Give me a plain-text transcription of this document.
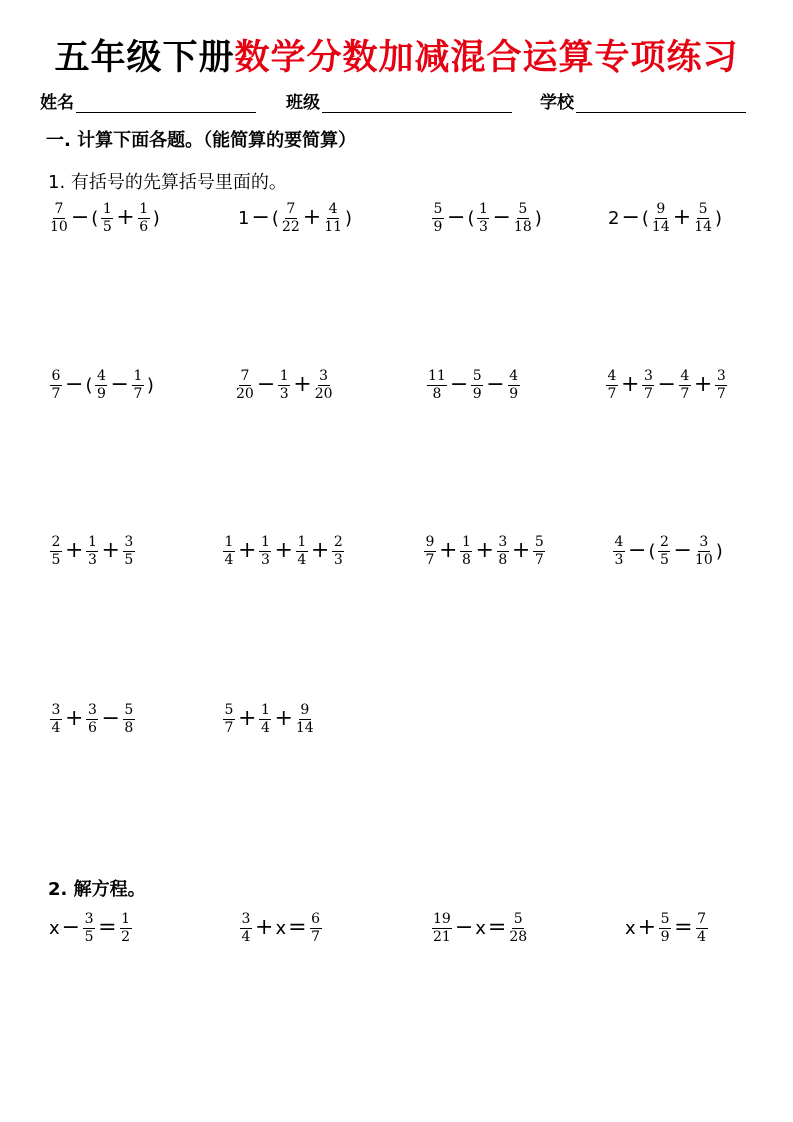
五年级下册数学分数加减混合运算专项练习
姓名	班级	学校
一. 计算下面各题。（能简算的要简算）
1. 有括号的先算括号里面的。
$\frac{7}{10}$ − ( $\frac{1}{5} + \frac{1}{6}$ )	1 − ( $\frac{7}{22} + \frac{4}{11}$ )	$\frac{5}{9}$ − ( $\frac{1}{3} - \frac{5}{18}$ )	2 − ( $\frac{9}{14} + \frac{5}{14}$ )
$\frac{6}{7}$ − ( $\frac{4}{9} - \frac{1}{7}$ )	$\frac{7}{20} - \frac{1}{3} + \frac{3}{20}$	$\frac{11}{8} - \frac{5}{9} - \frac{4}{9}$	$\frac{4}{7} + \frac{3}{7} - \frac{4}{7} + \frac{3}{7}$
$\frac{2}{5} + \frac{1}{3} + \frac{3}{5}$	$\frac{1}{4} + \frac{1}{3} + \frac{1}{4} + \frac{2}{3}$	$\frac{9}{7} + \frac{1}{8} + \frac{3}{8} + \frac{5}{7}$	$\frac{4}{3}$ − ( $\frac{2}{5} - \frac{3}{10}$ )
$\frac{3}{4} + \frac{3}{6} - \frac{5}{8}$	$\frac{5}{7} + \frac{1}{4} + \frac{9}{14}$
2. 解方程。
$x - \frac{3}{5} = \frac{1}{2}$	$\frac{3}{4} + x = \frac{6}{7}$	$\frac{19}{21} - x = \frac{5}{28}$	$x + \frac{5}{9} = \frac{7}{4}$
